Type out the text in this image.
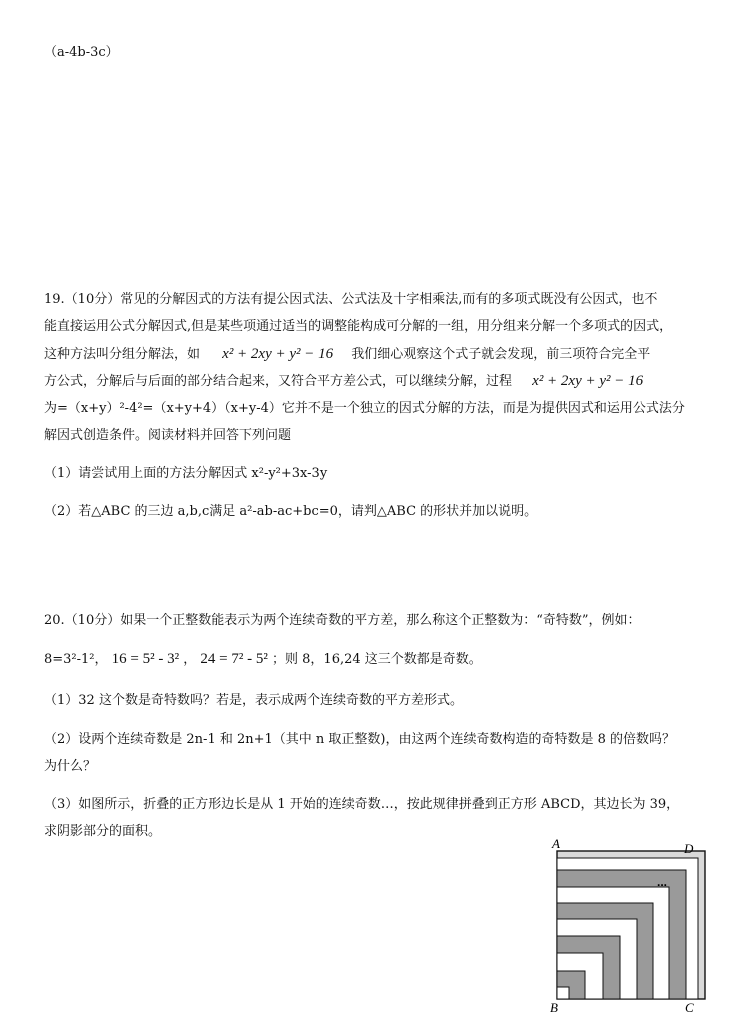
（a-4b-3c）
19.（10分）常见的分解因式的方法有提公因式法、公式法及十字相乘法,而有的多项式既没有公因式，也不
能直接运用公式分解因式,但是某些项通过适当的调整能构成可分解的一组，用分组来分解一个多项式的因式，
这种方法叫分组分解法，如 x² + 2xy + y² − 16 我们细心观察这个式子就会发现，前三项符合完全平
方公式，分解后与后面的部分结合起来，又符合平方差公式，可以继续分解，过程 x² + 2xy + y² − 16
为=（x+y）²-4²=（x+y+4）（x+y-4）它并不是一个独立的因式分解的方法，而是为提供因式和运用公式法分
解因式创造条件。阅读材料并回答下列问题
（1）请尝试用上面的方法分解因式 x²-y²+3x-3y
（2）若△ABC 的三边 a,b,c满足 a²-ab-ac+bc=0，请判△ABC 的形状并加以说明。
20.（10分）如果一个正整数能表示为两个连续奇数的平方差，那么称这个正整数为：“奇特数”，例如：
8=3²-1²， 16 = 5² - 3² ， 24 = 7² - 5² ；则 8，16,24 这三个数都是奇数。
（1）32 这个数是奇特数吗？若是，表示成两个连续奇数的平方差形式。
（2）设两个连续奇数是 2n-1 和 2n+1（其中 n 取正整数)，由这两个连续奇数构造的奇特数是 8 的倍数吗？
为什么？
（3）如图所示，折叠的正方形边长是从 1 开始的连续奇数…，按此规律拼叠到正方形 ABCD，其边长为 39，
求阴影部分的面积。
A	D
B	C
...
